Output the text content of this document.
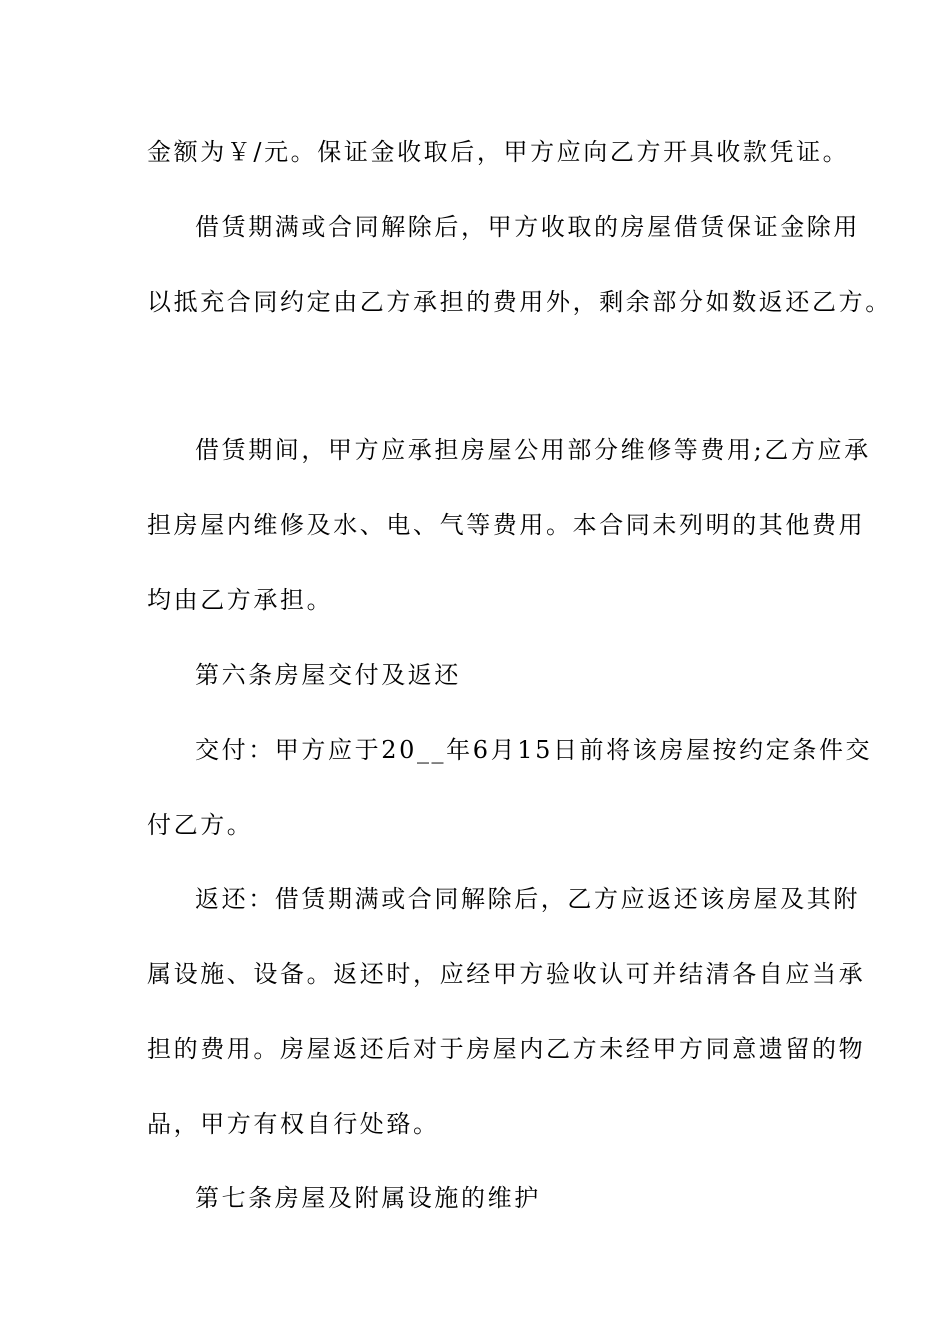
金额为￥/元。保证金收取后，甲方应向乙方开具收款凭证。
借赁期满或合同解除后，甲方收取的房屋借赁保证金除用
以抵充合同约定由乙方承担的费用外，剩余部分如数返还乙方。
借赁期间，甲方应承担房屋公用部分维修等费用;乙方应承
担房屋内维修及水、电、气等费用。本合同未列明的其他费用
均由乙方承担。
第六条房屋交付及返还
交付：甲方应于20__年6月15日前将该房屋按约定条件交
付乙方。
返还：借赁期满或合同解除后，乙方应返还该房屋及其附
属设施、设备。返还时，应经甲方验收认可并结清各自应当承
担的费用。房屋返还后对于房屋内乙方未经甲方同意遗留的物
品，甲方有权自行处臵。
第七条房屋及附属设施的维护
